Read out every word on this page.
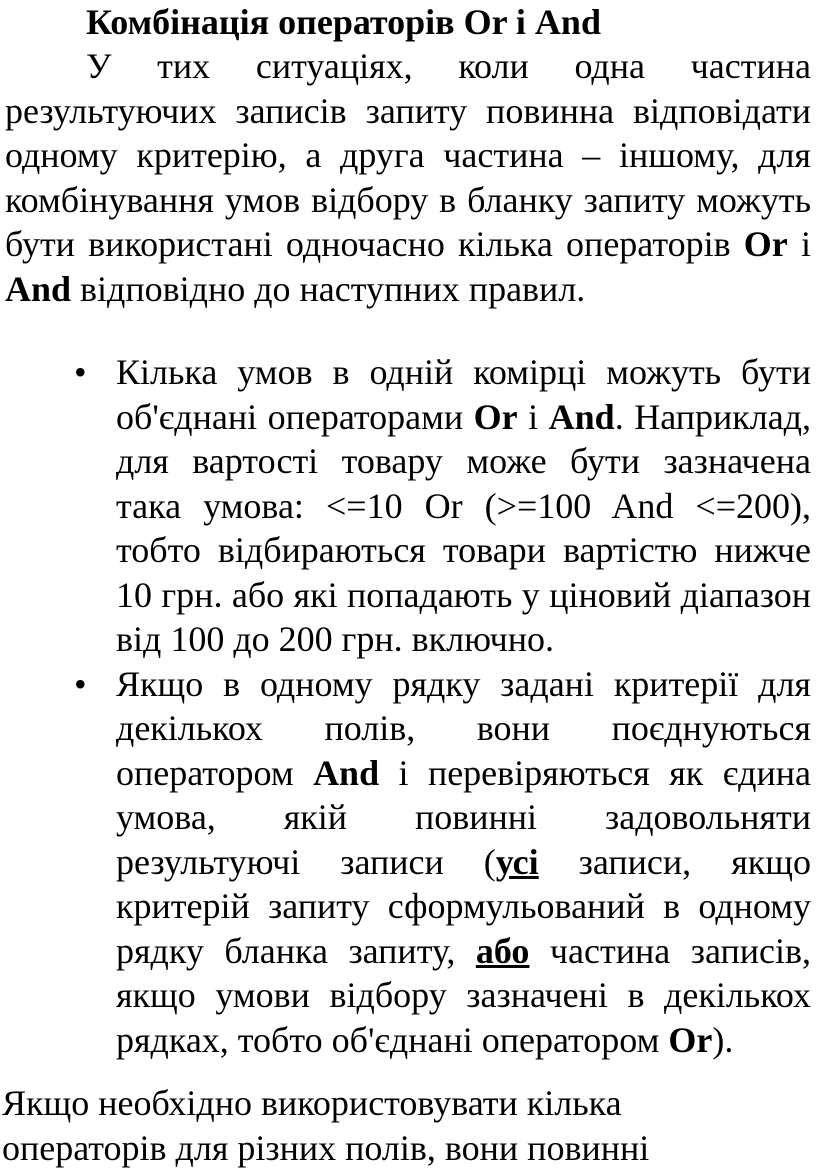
Комбінація операторів Or і And

У тих ситуаціях, коли одна частина результуючих записів запиту повинна відповідати одному критерію, а друга частина – іншому, для комбінування умов відбору в бланку запиту можуть бути використані одночасно кілька операторів Or і And відповідно до наступних правил.

• Кілька умов в одній комірці можуть бути об'єднані операторами Or і And. Наприклад, для вартості товару може бути зазначена така умова: <=10 Or (>=100 And <=200), тобто відбираються товари вартістю нижче 10 грн. або які попадають у ціновий діапазон від 100 до 200 грн. включно.
• Якщо в одному рядку задані критерії для декількох полів, вони поєднуються оператором And і перевіряються як єдина умова, якій повинні задовольняти результуючі записи (усі записи, якщо критерій запиту сформульований в одному рядку бланка запиту, або частина записів, якщо умови відбору зазначені в декількох рядках, тобто об'єднані оператором Or).

Якщо необхідно використовувати кілька операторів для різних полів, вони повинні
